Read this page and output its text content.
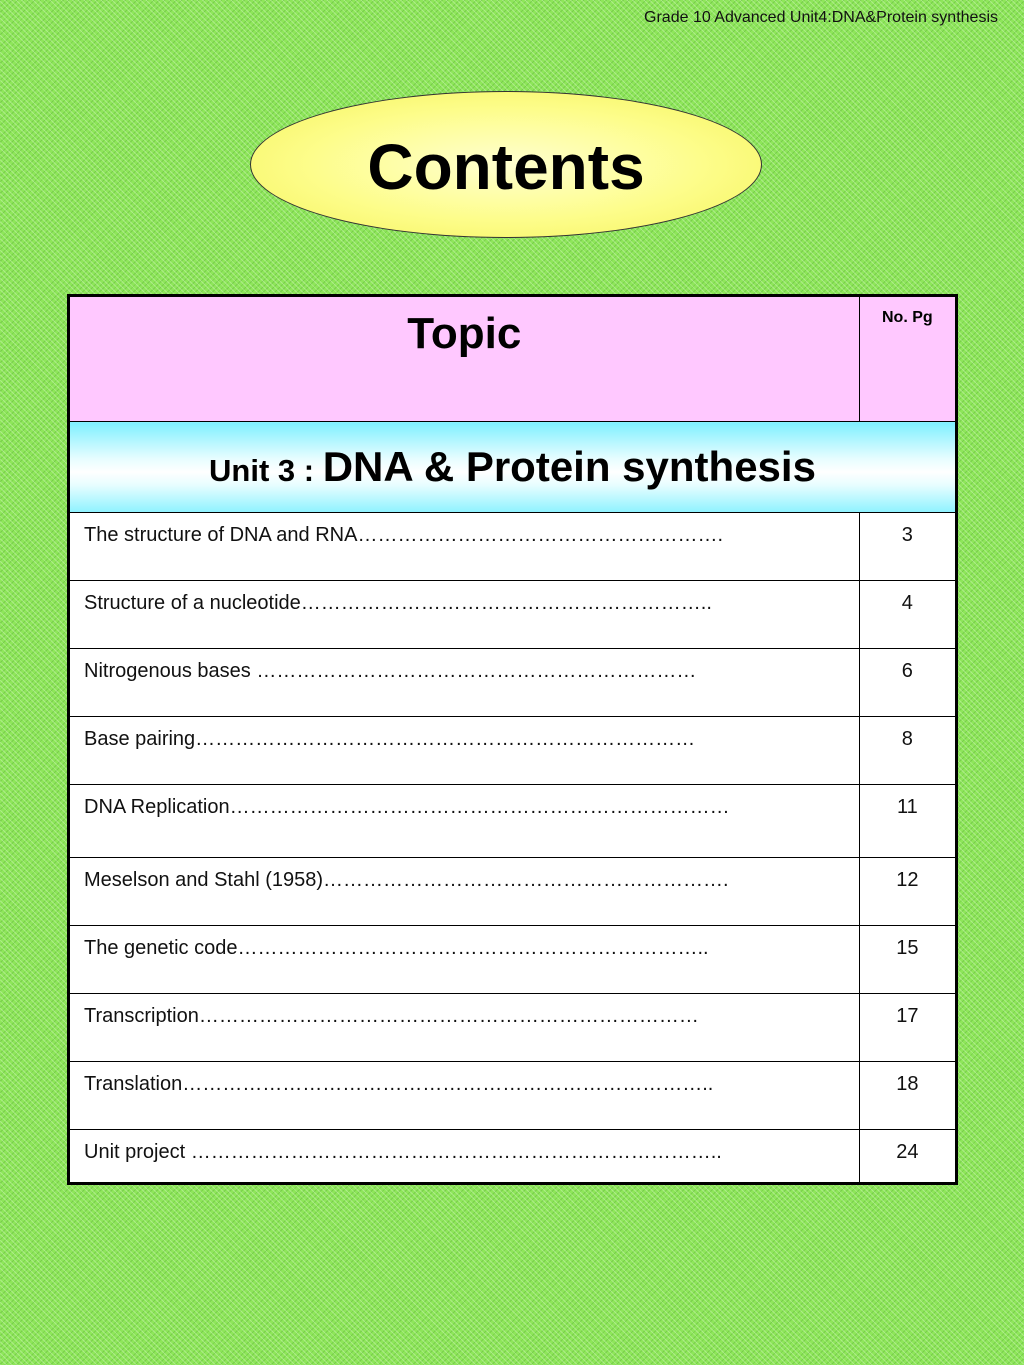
Grade 10 Advanced Unit4:DNA&Protein synthesis
Contents
Topic	No. Pg
Unit 3 : DNA & Protein synthesis	
The structure of DNA and RNA……………………………………………….	3
Structure of a nucleotide……………………………………………………..	4
Nitrogenous bases …………………………………………………………	6
Base pairing…………………………………………………………………	8
DNA Replication…………………………………………………………………	11
Meselson and Stahl (1958)…………………………………………………….	12
The genetic code……………………………………………………………..	15
Transcription…………………………………………………………………	17
Translation……………………………………………………………………..	18
Unit project ……………………………………………………………………..	24
